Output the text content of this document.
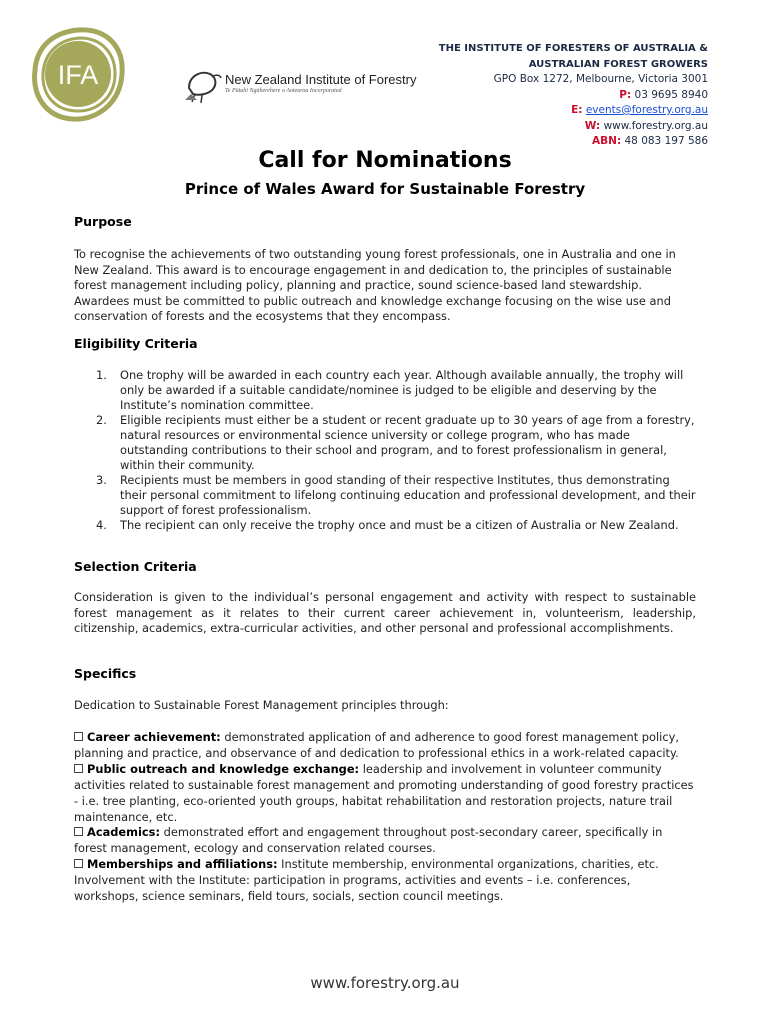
IFA	New Zealand Institute of Forestry
Te Pūtahi Ngāherehere o Aotearoa Incorporated
THE INSTITUTE OF FORESTERS OF AUSTRALIA &
AUSTRALIAN FOREST GROWERS
GPO Box 1272, Melbourne, Victoria 3001
P: 03 9695 8940
E: events@forestry.org.au
W: www.forestry.org.au
ABN: 48 083 197 586
Call for Nominations
Prince of Wales Award for Sustainable Forestry
Purpose
To recognise the achievements of two outstanding young forest professionals, one in Australia and one in New Zealand. This award is to encourage engagement in and dedication to, the principles of sustainable forest management including policy, planning and practice, sound science-based land stewardship. Awardees must be committed to public outreach and knowledge exchange focusing on the wise use and conservation of forests and the ecosystems that they encompass.
Eligibility Criteria
1. One trophy will be awarded in each country each year. Although available annually, the trophy will only be awarded if a suitable candidate/nominee is judged to be eligible and deserving by the Institute’s nomination committee.
2. Eligible recipients must either be a student or recent graduate up to 30 years of age from a forestry, natural resources or environmental science university or college program, who has made outstanding contributions to their school and program, and to forest professionalism in general, within their community.
3. Recipients must be members in good standing of their respective Institutes, thus demonstrating their personal commitment to lifelong continuing education and professional development, and their support of forest professionalism.
4. The recipient can only receive the trophy once and must be a citizen of Australia or New Zealand.
Selection Criteria
Consideration is given to the individual’s personal engagement and activity with respect to sustainable forest management as it relates to their current career achievement in, volunteerism, leadership, citizenship, academics, extra-curricular activities, and other personal and professional accomplishments.
Specifics
Dedication to Sustainable Forest Management principles through:
Career achievement: demonstrated application of and adherence to good forest management policy, planning and practice, and observance of and dedication to professional ethics in a work-related capacity.
Public outreach and knowledge exchange: leadership and involvement in volunteer community activities related to sustainable forest management and promoting understanding of good forestry practices - i.e. tree planting, eco-oriented youth groups, habitat rehabilitation and restoration projects, nature trail maintenance, etc.
Academics: demonstrated effort and engagement throughout post-secondary career, specifically in forest management, ecology and conservation related courses.
Memberships and affiliations: Institute membership, environmental organizations, charities, etc. Involvement with the Institute: participation in programs, activities and events – i.e. conferences, workshops, science seminars, field tours, socials, section council meetings.
www.forestry.org.au
